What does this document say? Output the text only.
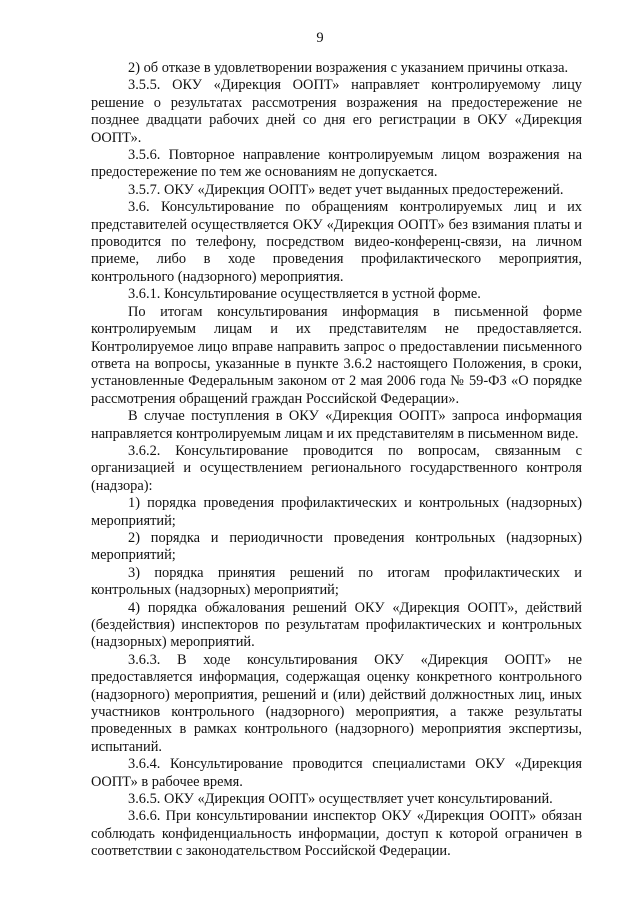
9

2) об отказе в удовлетворении возражения с указанием причины отказа.

3.5.5. ОКУ «Дирекция ООПТ» направляет контролируемому лицу решение о результатах рассмотрения возражения на предостережение не позднее двадцати рабочих дней со дня его регистрации в ОКУ «Дирекция ООПТ».

3.5.6. Повторное направление контролируемым лицом возражения на предостережение по тем же основаниям не допускается.

3.5.7. ОКУ «Дирекция ООПТ» ведет учет выданных предостережений.

3.6. Консультирование по обращениям контролируемых лиц и их представителей осуществляется ОКУ «Дирекция ООПТ» без взимания платы и проводится по телефону, посредством видео-конференц-связи, на личном приеме, либо в ходе проведения профилактического мероприятия, контрольного (надзорного) мероприятия.

3.6.1. Консультирование осуществляется в устной форме.

По итогам консультирования информация в письменной форме контролируемым лицам и их представителям не предоставляется. Контролируемое лицо вправе направить запрос о предоставлении письменного ответа на вопросы, указанные в пункте 3.6.2 настоящего Положения, в сроки, установленные Федеральным законом от 2 мая 2006 года № 59-ФЗ «О порядке рассмотрения обращений граждан Российской Федерации».

В случае поступления в ОКУ «Дирекция ООПТ» запроса информация направляется контролируемым лицам и их представителям в письменном виде.

3.6.2. Консультирование проводится по вопросам, связанным с организацией и осуществлением регионального государственного контроля (надзора):

1) порядка проведения профилактических и контрольных (надзорных) мероприятий;

2) порядка и периодичности проведения контрольных (надзорных) мероприятий;

3) порядка принятия решений по итогам профилактических и контрольных (надзорных) мероприятий;

4) порядка обжалования решений ОКУ «Дирекция ООПТ», действий (бездействия) инспекторов по результатам профилактических и контрольных (надзорных) мероприятий.

3.6.3. В ходе консультирования ОКУ «Дирекция ООПТ» не предоставляется информация, содержащая оценку конкретного контрольного (надзорного) мероприятия, решений и (или) действий должностных лиц, иных участников контрольного (надзорного) мероприятия, а также результаты проведенных в рамках контрольного (надзорного) мероприятия экспертизы, испытаний.

3.6.4. Консультирование проводится специалистами ОКУ «Дирекция ООПТ» в рабочее время.

3.6.5. ОКУ «Дирекция ООПТ» осуществляет учет консультирований.

3.6.6. При консультировании инспектор ОКУ «Дирекция ООПТ» обязан соблюдать конфиденциальность информации, доступ к которой ограничен в соответствии с законодательством Российской Федерации.
